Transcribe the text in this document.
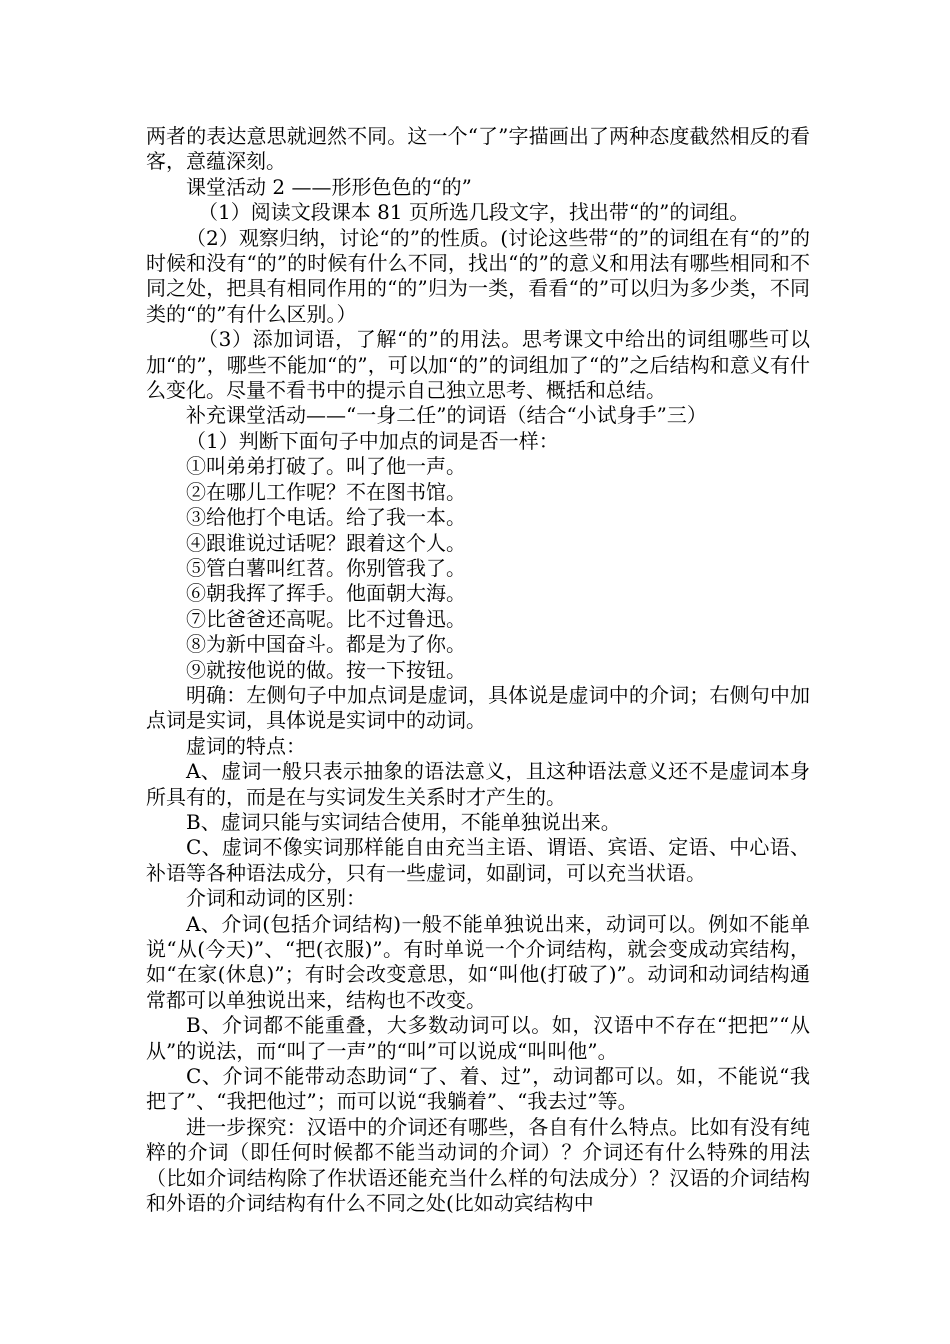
两者的表达意思就迥然不同。这一个“了”字描画出了两种态度截然相反的看客，意蕴深刻。

课堂活动 2 ——形形色色的“的”

（1）阅读文段课本 81 页所选几段文字，找出带“的”的词组。

（2）观察归纳，讨论“的”的性质。(讨论这些带“的”的词组在有“的”的时候和没有“的”的时候有什么不同，找出“的”的意义和用法有哪些相同和不同之处，把具有相同作用的“的”归为一类，看看“的”可以归为多少类，不同类的“的”有什么区别。）

（3）添加词语，了解“的”的用法。思考课文中给出的词组哪些可以加“的”，哪些不能加“的”，可以加“的”的词组加了“的”之后结构和意义有什么变化。尽量不看书中的提示自己独立思考、概括和总结。

补充课堂活动——“一身二任”的词语（结合“小试身手”三）

（1）判断下面句子中加点的词是否一样：

①叫弟弟打破了。叫了他一声。

②在哪儿工作呢？不在图书馆。

③给他打个电话。给了我一本。

④跟谁说过话呢？跟着这个人。

⑤管白薯叫红苕。你别管我了。

⑥朝我挥了挥手。他面朝大海。

⑦比爸爸还高呢。比不过鲁迅。

⑧为新中国奋斗。都是为了你。

⑨就按他说的做。按一下按钮。

明确：左侧句子中加点词是虚词，具体说是虚词中的介词；右侧句中加点词是实词，具体说是实词中的动词。

虚词的特点：

A、虚词一般只表示抽象的语法意义，且这种语法意义还不是虚词本身所具有的，而是在与实词发生关系时才产生的。

B、虚词只能与实词结合使用，不能单独说出来。

C、虚词不像实词那样能自由充当主语、谓语、宾语、定语、中心语、补语等各种语法成分，只有一些虚词，如副词，可以充当状语。

介词和动词的区别：

A、介词(包括介词结构)一般不能单独说出来，动词可以。例如不能单说“从(今天)”、“把(衣服)”。有时单说一个介词结构，就会变成动宾结构，如“在家(休息)”；有时会改变意思，如“叫他(打破了)”。动词和动词结构通常都可以单独说出来，结构也不改变。

B、介词都不能重叠，大多数动词可以。如，汉语中不存在“把把”“从从”的说法，而“叫了一声”的“叫”可以说成“叫叫他”。

C、介词不能带动态助词“了、着、过”，动词都可以。如，不能说“我把了”、“我把他过”；而可以说“我躺着”、“我去过”等。

进一步探究：汉语中的介词还有哪些，各自有什么特点。比如有没有纯粹的介词（即任何时候都不能当动词的介词）？介词还有什么特殊的用法（比如介词结构除了作状语还能充当什么样的句法成分）？汉语的介词结构和外语的介词结构有什么不同之处(比如动宾结构中
